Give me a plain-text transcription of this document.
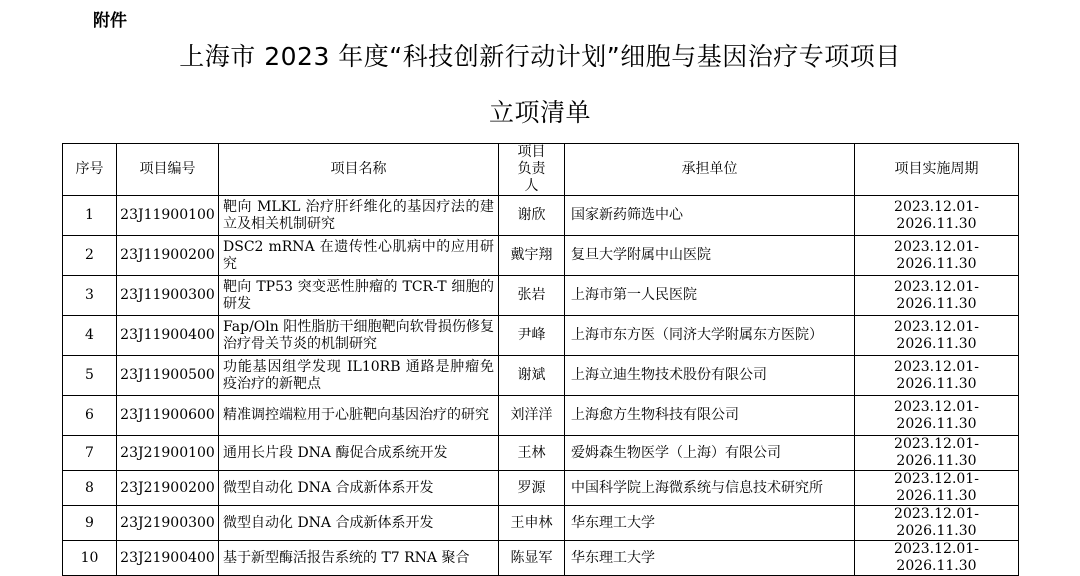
附件
上海市 2023 年度“科技创新行动计划”细胞与基因治疗专项项目
立项清单
序号	项目编号	项目名称	项目负责人	承担单位	项目实施周期
1	23J11900100	靶向 MLKL 治疗肝纤维化的基因疗法的建立及相关机制研究	谢欣	国家新药筛选中心	2023.12.01-2026.11.30
2	23J11900200	DSC2 mRNA 在遗传性心肌病中的应用研究	戴宇翔	复旦大学附属中山医院	2023.12.01-2026.11.30
3	23J11900300	靶向 TP53 突变恶性肿瘤的 TCR-T 细胞的研发	张岩	上海市第一人民医院	2023.12.01-2026.11.30
4	23J11900400	Fap/Oln 阳性脂肪干细胞靶向软骨损伤修复治疗骨关节炎的机制研究	尹峰	上海市东方医（同济大学附属东方医院）	2023.12.01-2026.11.30
5	23J11900500	功能基因组学发现 IL10RB 通路是肿瘤免疫治疗的新靶点	谢斌	上海立迪生物技术股份有限公司	2023.12.01-2026.11.30
6	23J11900600	精准调控端粒用于心脏靶向基因治疗的研究	刘洋洋	上海愈方生物科技有限公司	2023.12.01-2026.11.30
7	23J21900100	通用长片段 DNA 酶促合成系统开发	王林	爱姆森生物医学（上海）有限公司	2023.12.01-2026.11.30
8	23J21900200	微型自动化 DNA 合成新体系开发	罗源	中国科学院上海微系统与信息技术研究所	2023.12.01-2026.11.30
9	23J21900300	微型自动化 DNA 合成新体系开发	王申林	华东理工大学	2023.12.01-2026.11.30
10	23J21900400	基于新型酶活报告系统的 T7 RNA 聚合	陈显军	华东理工大学	2023.12.01-2026.11.30
